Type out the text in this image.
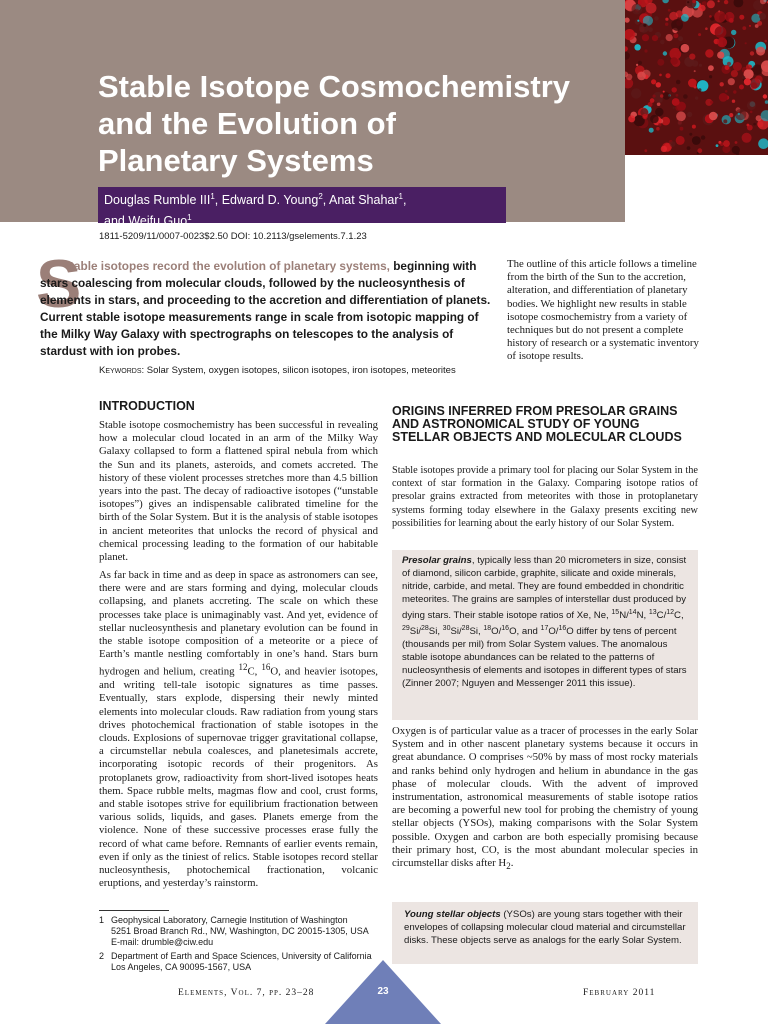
Stable Isotope Cosmochemistry
and the Evolution of
Planetary Systems
Douglas Rumble III$^1$, Edward D. Young$^2$, Anat Shahar$^1$,
and Weifu Guo$^1$
1811-5209/11/0007-0023$2.50 DOI: 10.2113/gselements.7.1.23
S
table isotopes record the evolution of planetary systems, beginning with stars coalescing from molecular clouds, followed by the nucleosynthesis of elements in stars, and proceeding to the accretion and differentiation of planets. Current stable isotope measurements range in scale from isotopic mapping of the Milky Way Galaxy with spectrographs on telescopes to the analysis of stardust with ion probes.
Keywords: Solar System, oxygen isotopes, silicon isotopes, iron isotopes, meteorites

The outline of this article follows a timeline from the birth of the Sun to the accretion, alteration, and differentiation of planetary bodies. We highlight new results in stable isotope cosmochemistry from a variety of techniques but do not present a complete history of research or a systematic inventory of isotope results.

INTRODUCTION

Stable isotope cosmochemistry has been successful in revealing how a molecular cloud located in an arm of the Milky Way Galaxy collapsed to form a flattened spiral nebula from which the Sun and its planets, asteroids, and comets accreted. The history of these violent processes stretches more than 4.5 billion years into the past. The decay of radioactive isotopes (“unstable isotopes”) gives an indispensable calibrated timeline for the birth of the Solar System. But it is the analysis of stable isotopes in ancient meteorites that unlocks the record of physical and chemical processing leading to the formation of our habitable planet.

As far back in time and as deep in space as astronomers can see, there were and are stars forming and dying, molecular clouds collapsing, and planets accreting. The scale on which these processes take place is unimaginably vast. And yet, evidence of stellar nucleosynthesis and planetary evolution can be found in the stable isotope composition of a meteorite or a piece of Earth’s mantle nestling comfortably in one’s hand. Stars burn hydrogen and helium, creating $^{12}$C, $^{16}$O, and heavier isotopes, and writing tell-tale isotopic signatures as time passes. Eventually, stars explode, dispersing their newly minted elements into molecular clouds. Raw radiation from young stars drives photochemical fractionation of stable isotopes in the clouds. Explosions of supernovae trigger gravitational collapse, a circumstellar nebula coalesces, and planetesimals accrete, incorporating isotopic records of their progenitors. As protoplanets grow, radioactivity from short-lived isotopes heats them. Space rubble melts, magmas flow and cool, crust forms, and stable isotopes strive for equilibrium fractionation between various solids, liquids, and gases. Planets emerge from the violence. None of these successive processes erase fully the record of what came before. Remnants of earlier events remain, even if only as the tiniest of relics. Stable isotopes record stellar nucleosynthesis, photochemical fractionation, volcanic eruptions, and yesterday’s rainstorm.

ORIGINS INFERRED FROM PRESOLAR GRAINS AND ASTRONOMICAL STUDY OF YOUNG STELLAR OBJECTS AND MOLECULAR CLOUDS

Stable isotopes provide a primary tool for placing our Solar System in the context of star formation in the Galaxy. Comparing isotope ratios of presolar grains extracted from meteorites with those in protoplanetary systems forming today elsewhere in the Galaxy presents exciting new possibilities for learning about the early history of our Solar System.

Presolar grains, typically less than 20 micrometers in size, consist of diamond, silicon carbide, graphite, silicate and oxide minerals, nitride, carbide, and metal. They are found embedded in chondritic meteorites. The grains are samples of interstellar dust produced by dying stars. Their stable isotope ratios of Xe, Ne, $^{15}$N/$^{14}$N, $^{13}$C/$^{12}$C, $^{29}$Si/$^{28}$Si, $^{30}$Si/$^{28}$Si, $^{18}$O/$^{16}$O, and $^{17}$O/$^{16}$O differ by tens of percent (thousands per mil) from Solar System values. The anomalous stable isotope abundances can be related to the patterns of nucleosynthesis of elements and isotopes in different types of stars (Zinner 2007; Nguyen and Messenger 2011 this issue).

Oxygen is of particular value as a tracer of processes in the early Solar System and in other nascent planetary systems because it occurs in great abundance. O comprises ~50% by mass of most rocky materials and ranks behind only hydrogen and helium in abundance in the gas phase of molecular clouds. With the advent of improved instrumentation, astronomical measurements of stable isotope ratios are becoming a powerful new tool for probing the chemistry of young stellar objects (YSOs), making comparisons with the Solar System possible. Oxygen and carbon are both especially promising because their primary host, CO, is the most abundant molecular species in circumstellar disks after $H_2$.

Young stellar objects (YSOs) are young stars together with their envelopes of collapsing molecular cloud material and circumstellar disks. These objects serve as analogs for the early Solar System.
1 Geophysical Laboratory, Carnegie Institution of Washington
5251 Broad Branch Rd., NW, Washington, DC 20015-1305, USA
E-mail: drumble@ciw.edu
2 Department of Earth and Space Sciences, University of California
Los Angeles, CA 90095-1567, USA
Elements, Vol. 7, pp. 23–28	23	February 2011
